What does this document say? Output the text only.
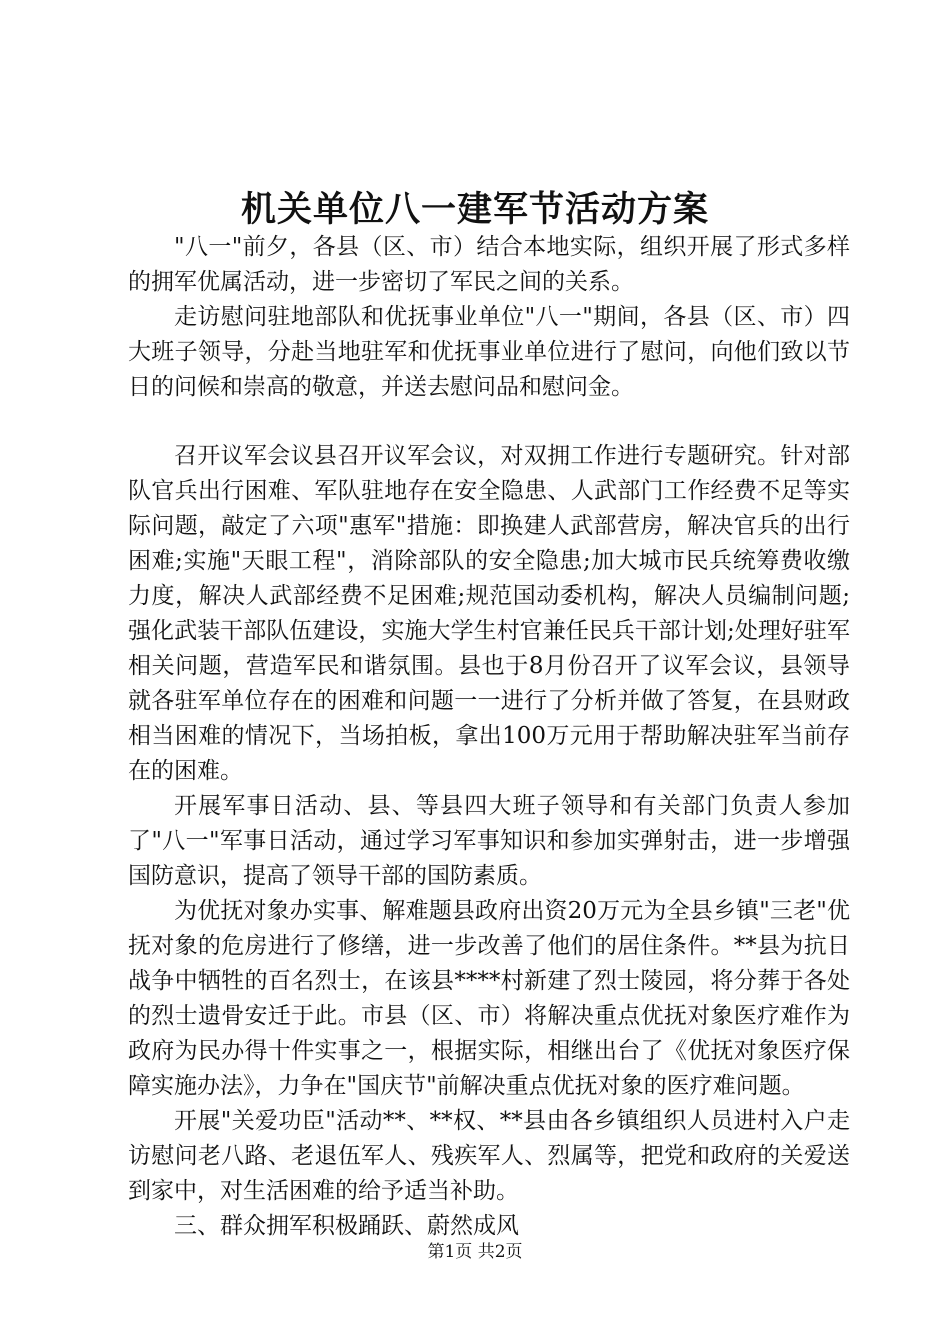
机关单位八一建军节活动方案

"八一"前夕，各县（区、市）结合本地实际，组织开展了形式多样的拥军优属活动，进一步密切了军民之间的关系。

走访慰问驻地部队和优抚事业单位"八一"期间，各县（区、市）四大班子领导，分赴当地驻军和优抚事业单位进行了慰问，向他们致以节日的问候和崇高的敬意，并送去慰问品和慰问金。

召开议军会议县召开议军会议，对双拥工作进行专题研究。针对部队官兵出行困难、军队驻地存在安全隐患、人武部门工作经费不足等实际问题，敲定了六项"惠军"措施：即换建人武部营房，解决官兵的出行困难;实施"天眼工程"，消除部队的安全隐患;加大城市民兵统筹费收缴力度，解决人武部经费不足困难;规范国动委机构，解决人员编制问题;强化武装干部队伍建设，实施大学生村官兼任民兵干部计划;处理好驻军相关问题，营造军民和谐氛围。县也于8月份召开了议军会议，县领导就各驻军单位存在的困难和问题一一进行了分析并做了答复，在县财政相当困难的情况下，当场拍板，拿出100万元用于帮助解决驻军当前存在的困难。

开展军事日活动、县、等县四大班子领导和有关部门负责人参加了"八一"军事日活动，通过学习军事知识和参加实弹射击，进一步增强国防意识，提高了领导干部的国防素质。

为优抚对象办实事、解难题县政府出资20万元为全县乡镇"三老"优抚对象的危房进行了修缮，进一步改善了他们的居住条件。**县为抗日战争中牺牲的百名烈士，在该县****村新建了烈士陵园，将分葬于各处的烈士遗骨安迁于此。市县（区、市）将解决重点优抚对象医疗难作为政府为民办得十件实事之一，根据实际，相继出台了《优抚对象医疗保障实施办法》，力争在"国庆节"前解决重点优抚对象的医疗难问题。

开展"关爱功臣"活动**、**权、**县由各乡镇组织人员进村入户走访慰问老八路、老退伍军人、残疾军人、烈属等，把党和政府的关爱送到家中，对生活困难的给予适当补助。

三、群众拥军积极踊跃、蔚然成风

第1页 共2页
